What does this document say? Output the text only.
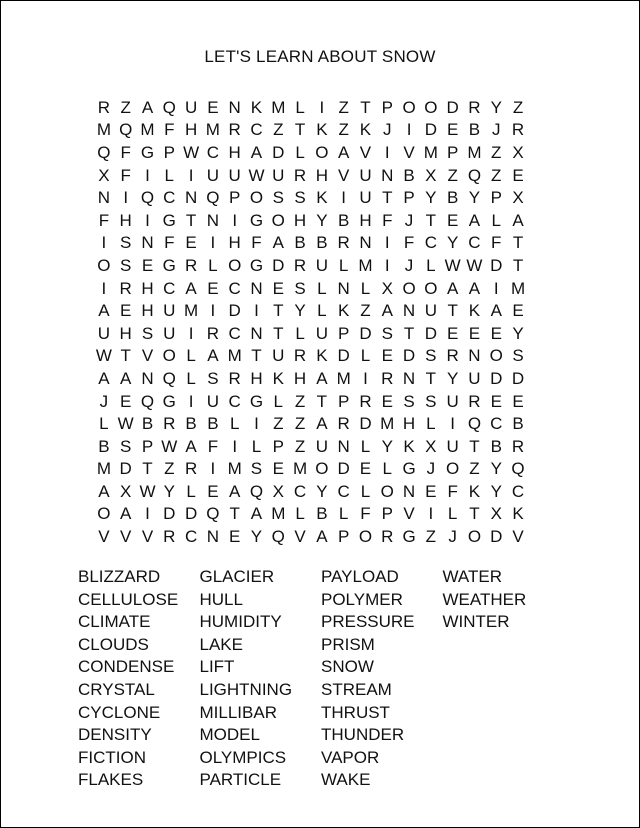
LET'S LEARN ABOUT SNOW
R Z A Q U E N K M L I Z T P O O D R Y Z
M Q M F H M R C Z T K Z K J I D E B J R
Q F G P W C H A D L O A V I V M P M Z X
X F I L I U U W U R H V U N B X Z Q Z E
N I Q C N Q P O S S K I U T P Y B Y P X
F H I G T N I G O H Y B H F J T E A L A
I S N F E I H F A B B R N I F C Y C F T
O S E G R L O G D R U L M I J L W W D T
I R H C A E C N E S L N L X O O A A I M
A E H U M I D I T Y L K Z A N U T K A E
U H S U I R C N T L U P D S T D E E E Y
W T V O L A M T U R K D L E D S R N O S
A A N Q L S R H K H A M I R N T Y U D D
J E Q G I U C G L Z T P R E S S U R E E
L W B R B B L I Z Z A R D M H L I Q C B
B S P W A F I L P Z U N L Y K X U T B R
M D T Z R I M S E M O D E L G J O Z Y Q
A X W Y L E A Q X C Y C L O N E F K Y C
O A I D D Q T A M L B L F P V I L T X K
V V V R C N E Y Q V A P O R G Z J O D V
BLIZZARD
CELLULOSE
CLIMATE
CLOUDS
CONDENSE
CRYSTAL
CYCLONE
DENSITY
FICTION
FLAKES
GLACIER
HULL
HUMIDITY
LAKE
LIFT
LIGHTNING
MILLIBAR
MODEL
OLYMPICS
PARTICLE
PAYLOAD
POLYMER
PRESSURE
PRISM
SNOW
STREAM
THRUST
THUNDER
VAPOR
WAKE
WATER
WEATHER
WINTER
